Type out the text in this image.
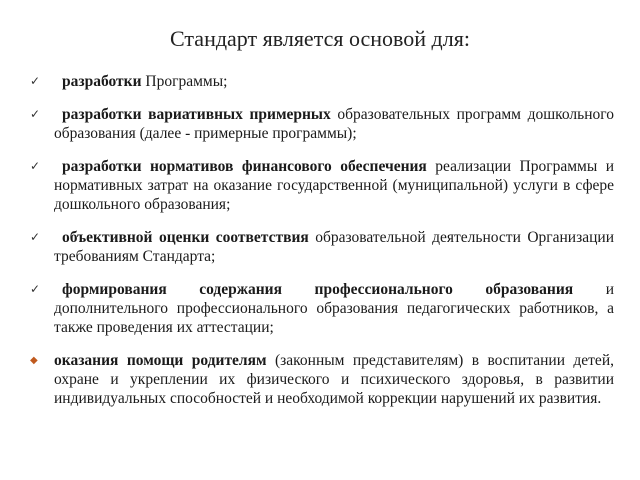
Стандарт является основой для:
✓	разработки Программы;
✓	разработки вариативных примерных образовательных программ дошкольного образования (далее - примерные программы);
✓	разработки нормативов финансового обеспечения реализации Программы и нормативных затрат на оказание государственной (муниципальной) услуги в сфере дошкольного образования;
✓	объективной оценки соответствия образовательной деятельности Организации требованиям Стандарта;
✓	формирования содержания профессионального образования и дополнительного профессионального образования педагогических работников, а также проведения их аттестации;
◆	оказания помощи родителям (законным представителям) в воспитании детей, охране и укреплении их физического и психического здоровья, в развитии индивидуальных способностей и необходимой коррекции нарушений их развития.
